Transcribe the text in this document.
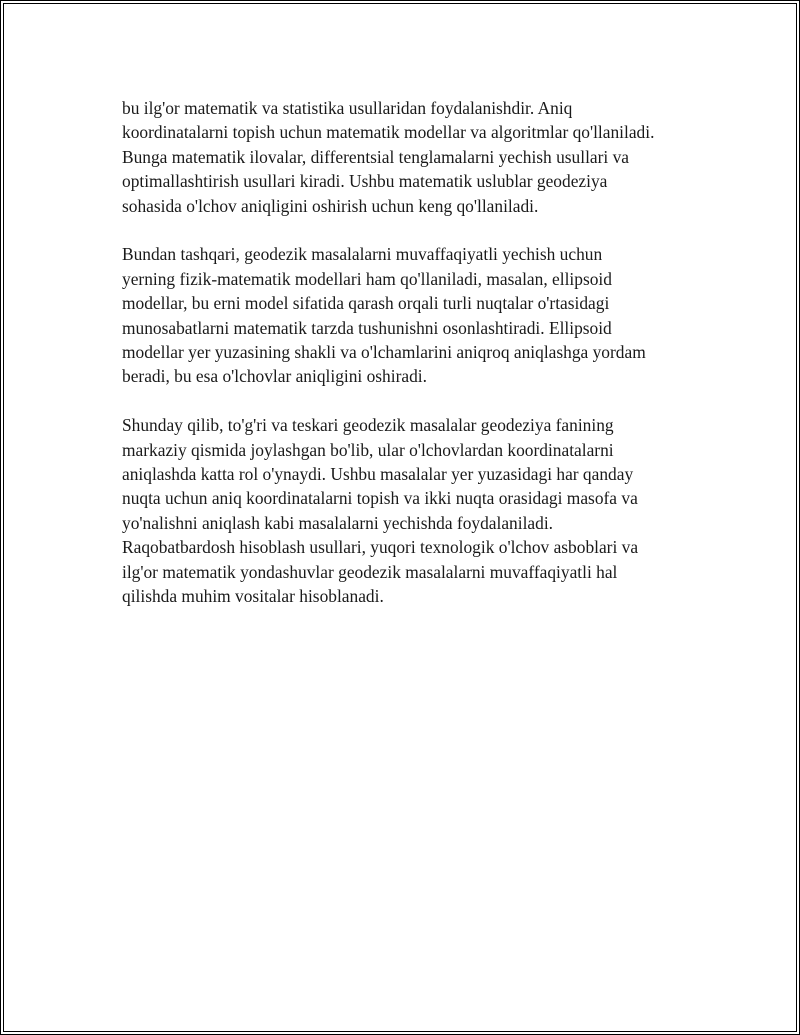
bu ilg'or matematik va statistika usullaridan foydalanishdir. Aniq
koordinatalarni topish uchun matematik modellar va algoritmlar qo'llaniladi.
Bunga matematik ilovalar, differentsial tenglamalarni yechish usullari va
optimallashtirish usullari kiradi. Ushbu matematik uslublar geodeziya
sohasida o'lchov aniqligini oshirish uchun keng qo'llaniladi.

Bundan tashqari, geodezik masalalarni muvaffaqiyatli yechish uchun
yerning fizik-matematik modellari ham qo'llaniladi, masalan, ellipsoid
modellar, bu erni model sifatida qarash orqali turli nuqtalar o'rtasidagi
munosabatlarni matematik tarzda tushunishni osonlashtiradi. Ellipsoid
modellar yer yuzasining shakli va o'lchamlarini aniqroq aniqlashga yordam
beradi, bu esa o'lchovlar aniqligini oshiradi.

Shunday qilib, to'g'ri va teskari geodezik masalalar geodeziya fanining
markaziy qismida joylashgan bo'lib, ular o'lchovlardan koordinatalarni
aniqlashda katta rol o'ynaydi. Ushbu masalalar yer yuzasidagi har qanday
nuqta uchun aniq koordinatalarni topish va ikki nuqta orasidagi masofa va
yo'nalishni aniqlash kabi masalalarni yechishda foydalaniladi.
Raqobatbardosh hisoblash usullari, yuqori texnologik o'lchov asboblari va
ilg'or matematik yondashuvlar geodezik masalalarni muvaffaqiyatli hal
qilishda muhim vositalar hisoblanadi.
